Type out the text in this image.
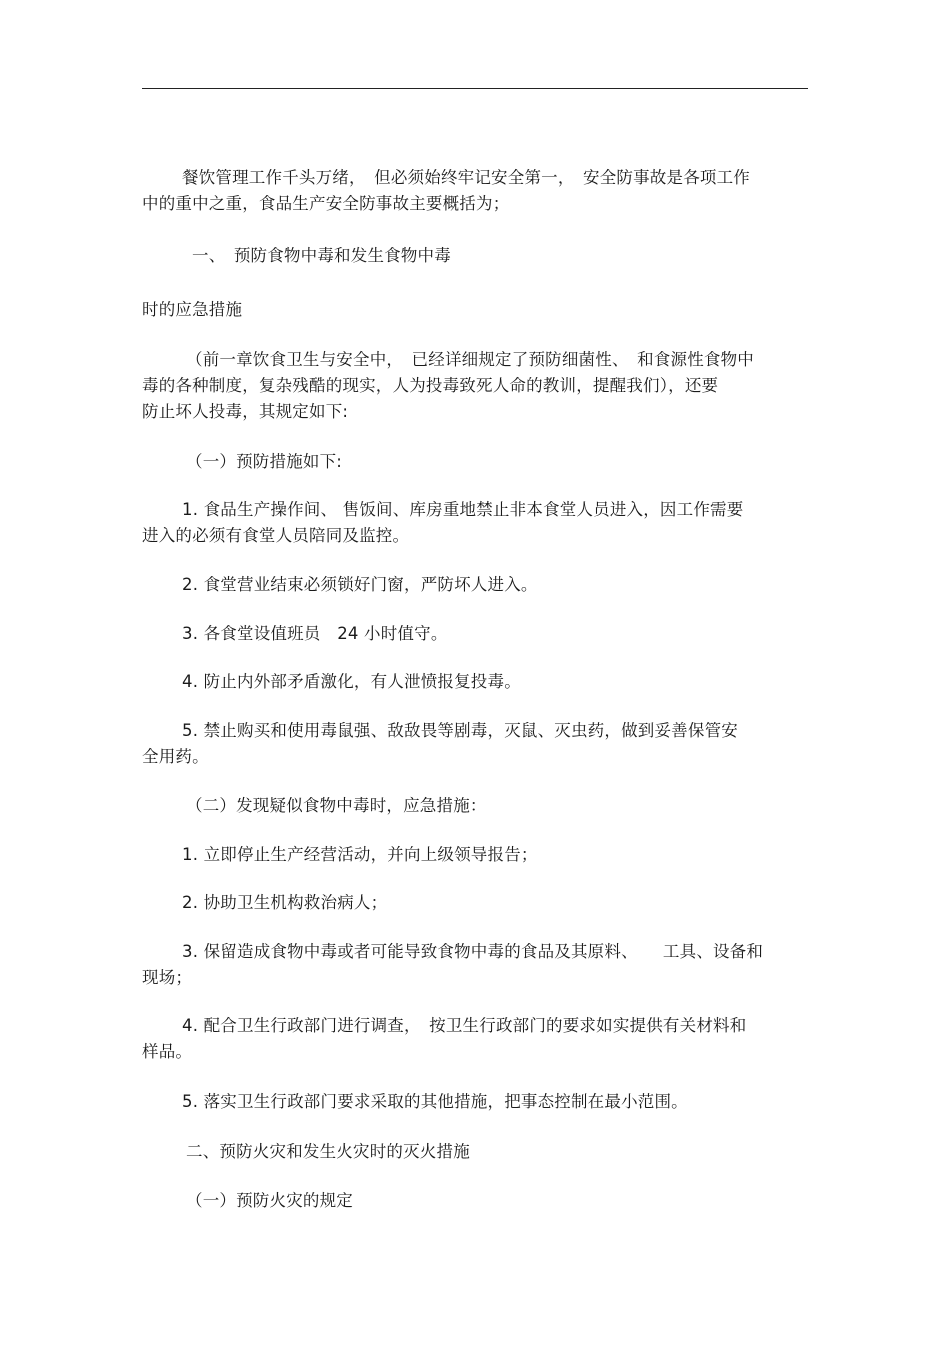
餐饮管理工作千头万绪，　但必须始终牢记安全第一，　安全防事故是各项工作
中的重中之重，食品生产安全防事故主要概括为；
一、　预防食物中毒和发生食物中毒
时的应急措施
（前一章饮食卫生与安全中，　已经详细规定了预防细菌性、　和食源性食物中
毒的各种制度，复杂残酷的现实，人为投毒致死人命的教训，提醒我们），还要
防止坏人投毒，其规定如下:
（一）预防措施如下:
1. 食品生产操作间、 售饭间、库房重地禁止非本食堂人员进入，因工作需要
进入的必须有食堂人员陪同及监控。
2. 食堂营业结束必须锁好门窗，严防坏人进入。
3. 各食堂设值班员　24 小时值守。
4. 防止内外部矛盾激化，有人泄愤报复投毒。
5. 禁止购买和使用毒鼠强、敌敌畏等剧毒，灭鼠、灭虫药，做到妥善保管安
全用药。
（二）发现疑似食物中毒时，应急措施：
1. 立即停止生产经营活动，并向上级领导报告；
2. 协助卫生机构救治病人；
3. 保留造成食物中毒或者可能导致食物中毒的食品及其原料、　　工具、设备和
现场；
4. 配合卫生行政部门进行调查，　按卫生行政部门的要求如实提供有关材料和
样品。
5. 落实卫生行政部门要求采取的其他措施，把事态控制在最小范围。
二、预防火灾和发生火灾时的灭火措施
（一）预防火灾的规定
